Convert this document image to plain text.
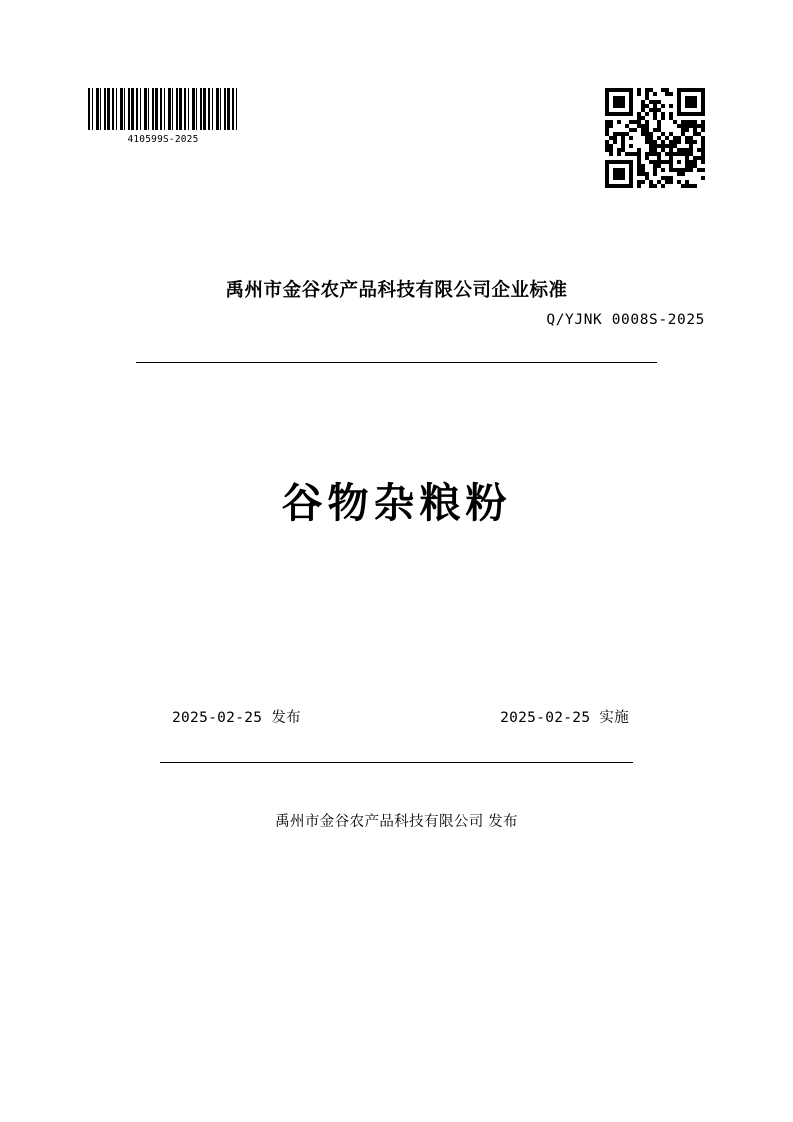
410599S-2025
禹州市金谷农产品科技有限公司企业标准
Q/YJNK 0008S-2025
谷物杂粮粉
2025-02-25 发布	2025-02-25 实施
禹州市金谷农产品科技有限公司 发布
